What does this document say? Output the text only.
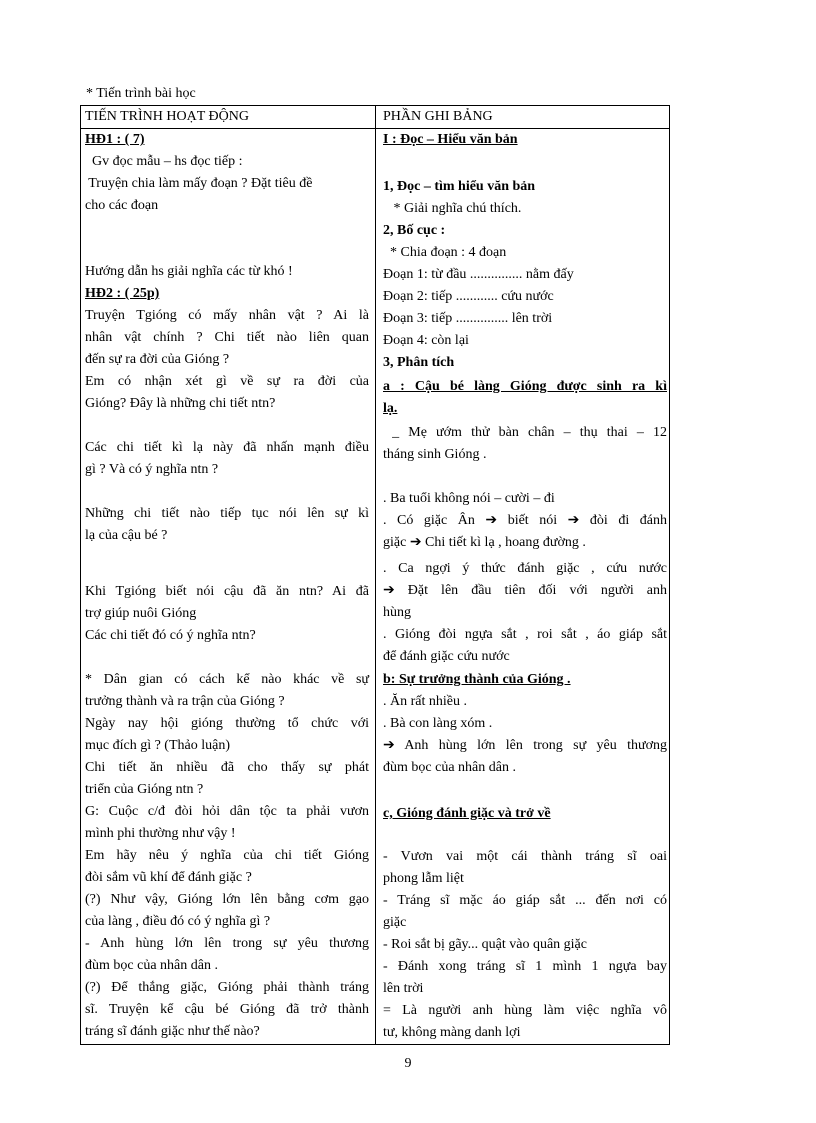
* Tiến trình bài học
TIẾN TRÌNH HOẠT ĐỘNG
HĐ1 : ( 7)
Gv đọc mẫu – hs đọc tiếp :
Truyện chia làm mấy đoạn ? Đặt tiêu đề
cho các đoạn
Hướng dẫn hs giải nghĩa các từ khó !
HĐ2 : ( 25p)
Truyện Tgióng có mấy nhân vật ? Ai là
nhân vật chính ? Chi tiết nào liên quan
đến sự ra đời của Gióng ?
Em có nhận xét gì về sự ra đời của
Gióng? Đây là những chi tiết ntn?
Các chi tiết kì lạ này đã nhấn mạnh điều
gì ? Và có ý nghĩa ntn ?
Những chi tiết nào tiếp tục nói lên sự kì
lạ của cậu bé ?
Khi Tgióng biết nói cậu đã ăn ntn? Ai đã
trợ giúp nuôi Gióng
Các chi tiết đó có ý nghĩa ntn?
* Dân gian có cách kể nào khác về sự
trưởng thành và ra trận của Gióng ?
Ngày nay hội gióng thường tổ chức với
mục đích gì ? (Thảo luận)
Chi tiết ăn nhiều đã cho thấy sự phát
triển của Gióng ntn ?
G: Cuộc c/đ đòi hỏi dân tộc ta phải vươn
mình phi thường như vậy !
Em hãy nêu ý nghĩa của chi tiết Gióng
đòi sắm vũ khí để đánh giặc ?
(?) Như vậy, Gióng lớn lên bằng cơm gạo
của làng , điều đó có ý nghĩa gì ?
- Anh hùng lớn lên trong sự yêu thương
đùm bọc của nhân dân .
(?) Để thắng giặc, Gióng phải thành tráng
sĩ. Truyện kể cậu bé Gióng đã trở thành
tráng sĩ đánh giặc như thế nào?
PHẦN GHI BẢNG
I : Đọc – Hiểu văn bản
1, Đọc – tìm hiểu văn bản
* Giải nghĩa chú thích.
2, Bố cục :
* Chia đoạn : 4 đoạn
Đoạn 1: từ đầu ............... nằm đấy
Đoạn 2: tiếp ............ cứu nước
Đoạn 3: tiếp ............... lên trời
Đoạn 4: còn lại
3, Phân tích
a : Cậu bé làng Gióng được sinh ra kì
lạ.
_ Mẹ ướm thử bàn chân – thụ thai – 12
tháng sinh Gióng .
. Ba tuổi không nói – cười – đi
. Có giặc Ân ➔ biết nói ➔ đòi đi đánh
giặc ➔ Chi tiết kì lạ , hoang đường .
. Ca ngợi ý thức đánh giặc , cứu nước
➔ Đặt lên đầu tiên đối với người anh
hùng
. Gióng đòi ngựa sắt , roi sắt , áo giáp sắt
để đánh giặc cứu nước
b: Sự trưởng thành của Gióng .
. Ăn rất nhiều .
. Bà con làng xóm .
➔ Anh hùng lớn lên trong sự yêu thương
đùm bọc của nhân dân .
c, Gióng đánh giặc và trở về
- Vươn vai một cái thành tráng sĩ oai
phong lẫm liệt
- Tráng sĩ mặc áo giáp sắt ... đến nơi có
giặc
- Roi sắt bị gãy... quật vào quân giặc
- Đánh xong tráng sĩ 1 mình 1 ngựa bay
lên trời
= Là người anh hùng làm việc nghĩa vô
tư, không màng danh lợi
9
